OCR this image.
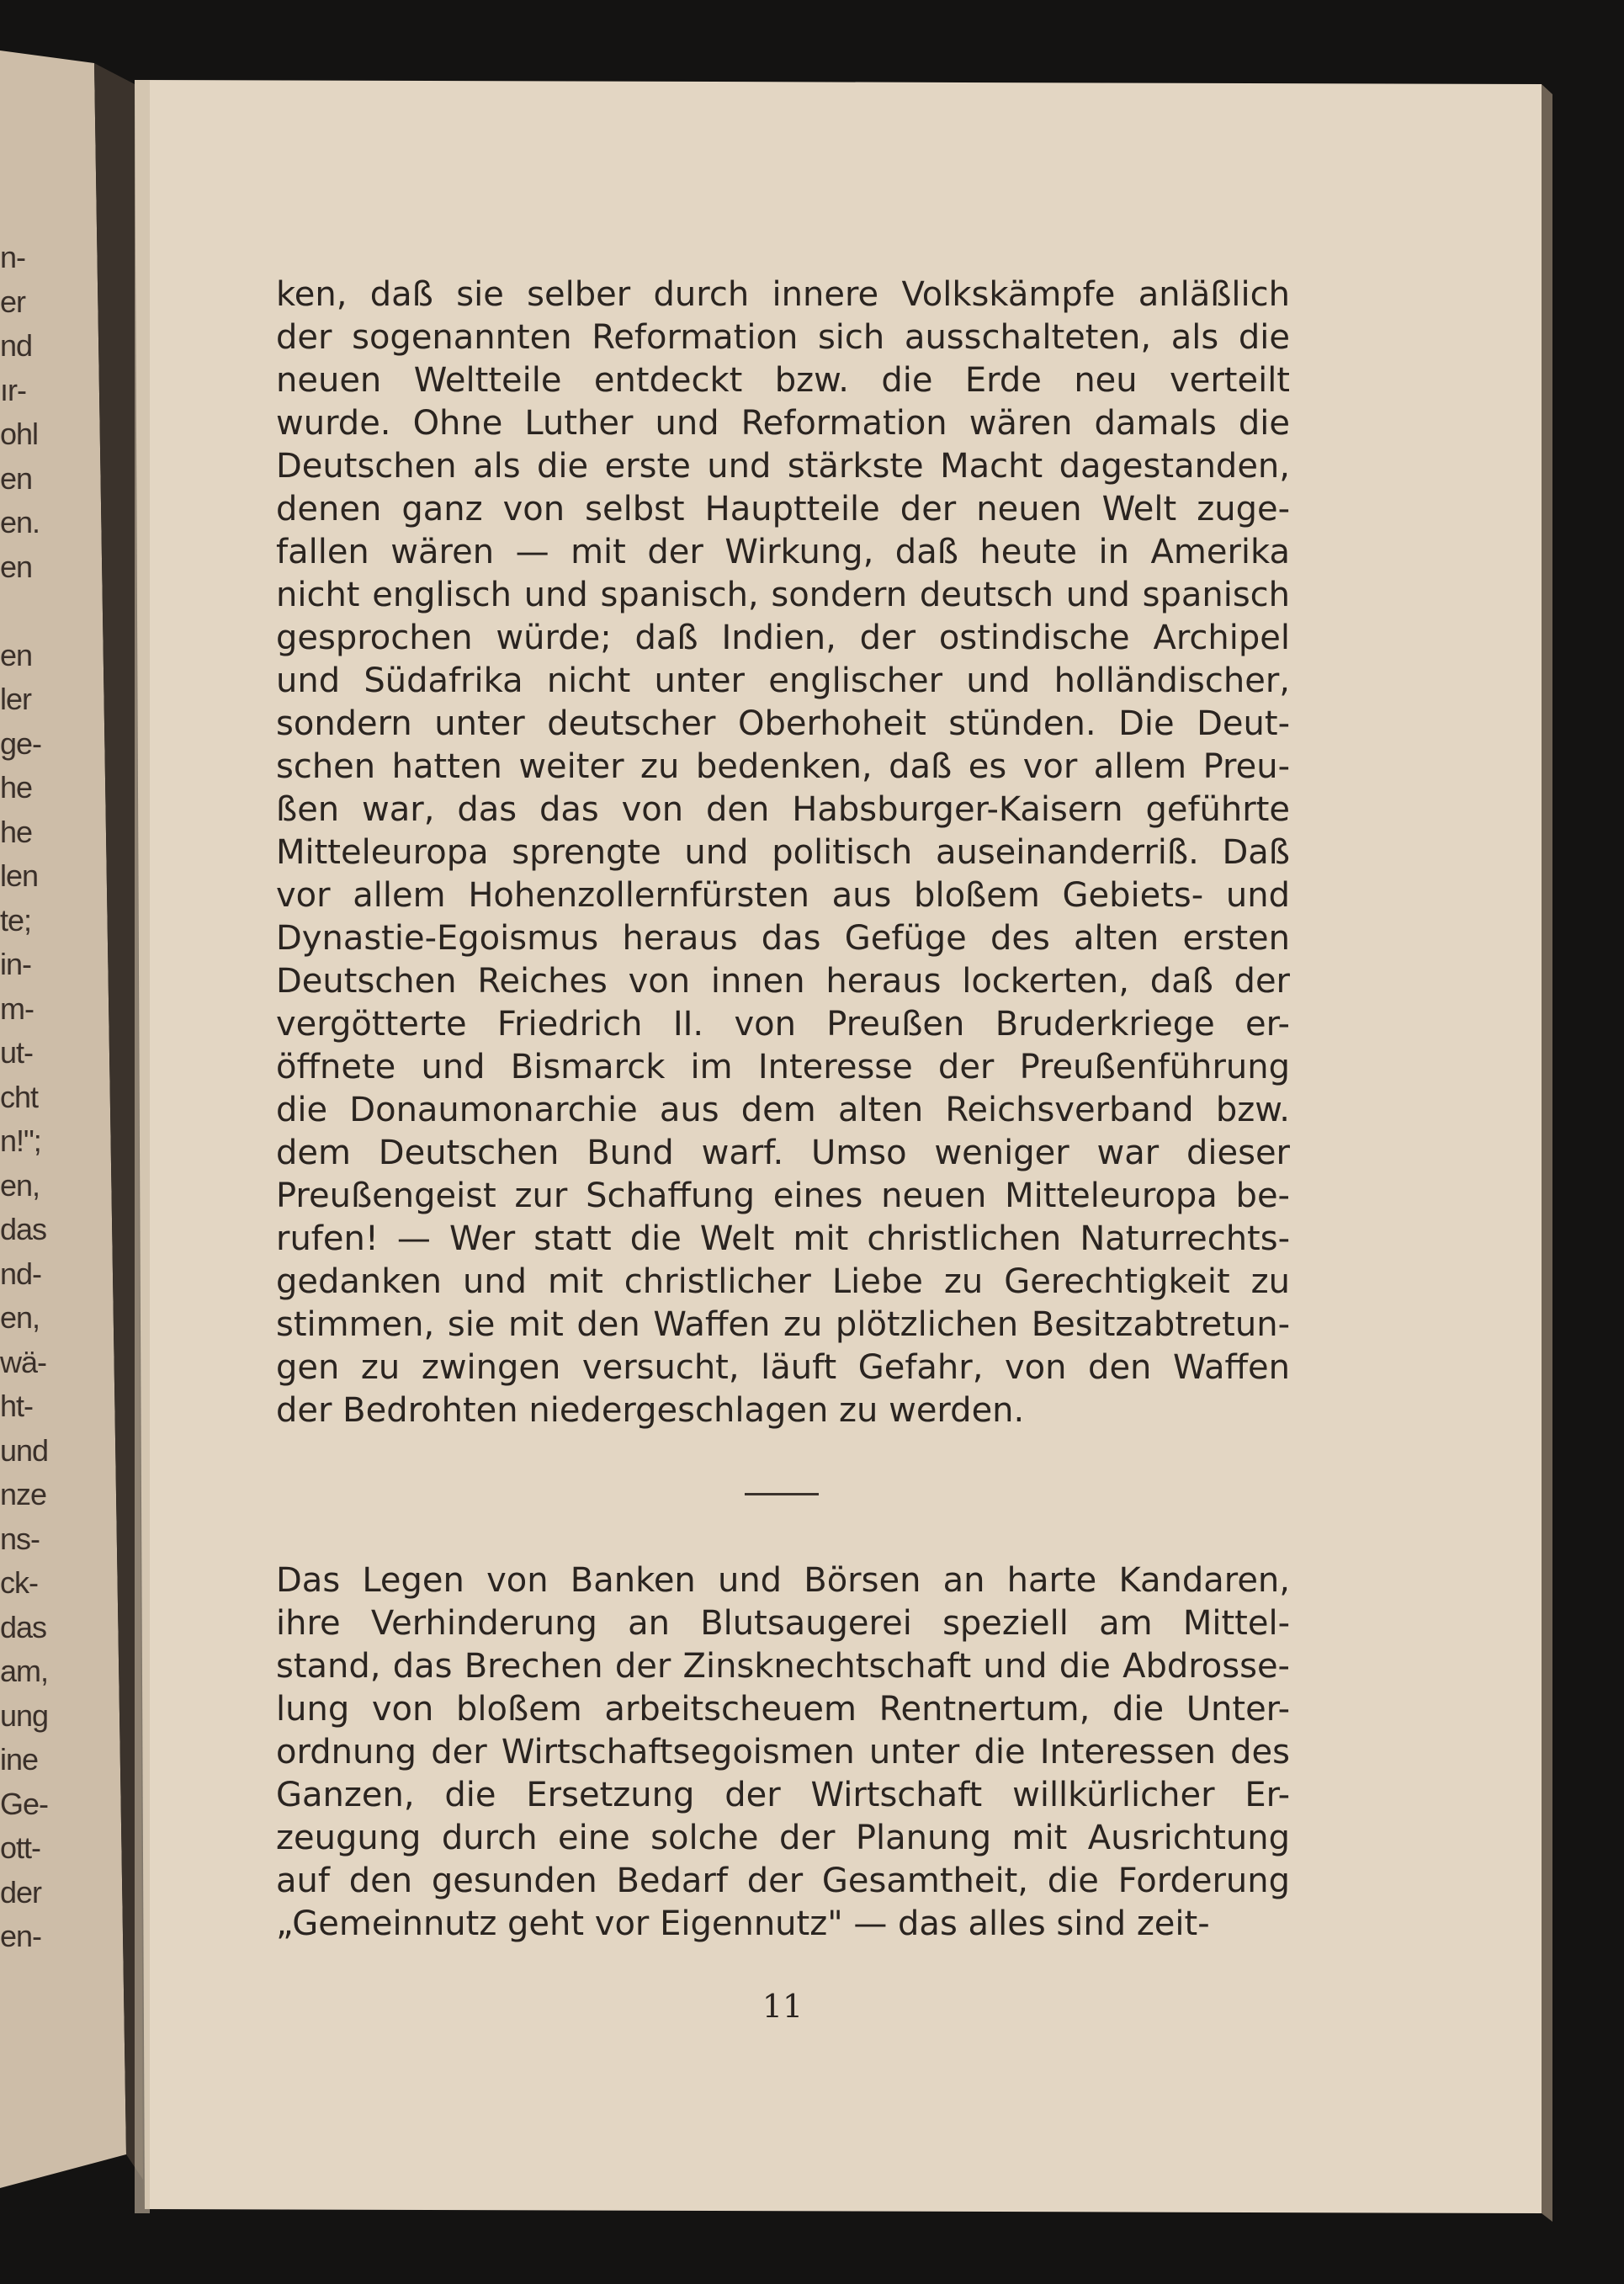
n-
er
nd
ır-
ohl
en
en.
en
en
ler
ge-
he
he
len
te;
in-
m-
ut-
cht
n!";
en,
das
nd-
en,
wä-
ht-
und
nze
ns-
ck-
das
am,
ung
ine
Ge-
ott-
der
en-
ken, daß sie selber durch innere Volkskämpfe anläßlich
der sogenannten Reformation sich ausschalteten, als die
neuen Weltteile entdeckt bzw. die Erde neu verteilt
wurde. Ohne Luther und Reformation wären damals die
Deutschen als die erste und stärkste Macht dagestanden,
denen ganz von selbst Hauptteile der neuen Welt zuge-
fallen wären — mit der Wirkung, daß heute in Amerika
nicht englisch und spanisch, sondern deutsch und spanisch
gesprochen würde; daß Indien, der ostindische Archipel
und Südafrika nicht unter englischer und holländischer,
sondern unter deutscher Oberhoheit stünden. Die Deut-
schen hatten weiter zu bedenken, daß es vor allem Preu-
ßen war, das das von den Habsburger-Kaisern geführte
Mitteleuropa sprengte und politisch auseinanderriß. Daß
vor allem Hohenzollernfürsten aus bloßem Gebiets- und
Dynastie-Egoismus heraus das Gefüge des alten ersten
Deutschen Reiches von innen heraus lockerten, daß der
vergötterte Friedrich II. von Preußen Bruderkriege er-
öffnete und Bismarck im Interesse der Preußenführung
die Donaumonarchie aus dem alten Reichsverband bzw.
dem Deutschen Bund warf. Umso weniger war dieser
Preußengeist zur Schaffung eines neuen Mitteleuropa be-
rufen! — Wer statt die Welt mit christlichen Naturrechts-
gedanken und mit christlicher Liebe zu Gerechtigkeit zu
stimmen, sie mit den Waffen zu plötzlichen Besitzabtretun-
gen zu zwingen versucht, läuft Gefahr, von den Waffen
der Bedrohten niedergeschlagen zu werden.
Das Legen von Banken und Börsen an harte Kandaren,
ihre Verhinderung an Blutsaugerei speziell am Mittel-
stand, das Brechen der Zinsknechtschaft und die Abdrosse-
lung von bloßem arbeitscheuem Rentnertum, die Unter-
ordnung der Wirtschaftsegoismen unter die Interessen des
Ganzen, die Ersetzung der Wirtschaft willkürlicher Er-
zeugung durch eine solche der Planung mit Ausrichtung
auf den gesunden Bedarf der Gesamtheit, die Forderung
„Gemeinnutz geht vor Eigennutz" — das alles sind zeit-
11
